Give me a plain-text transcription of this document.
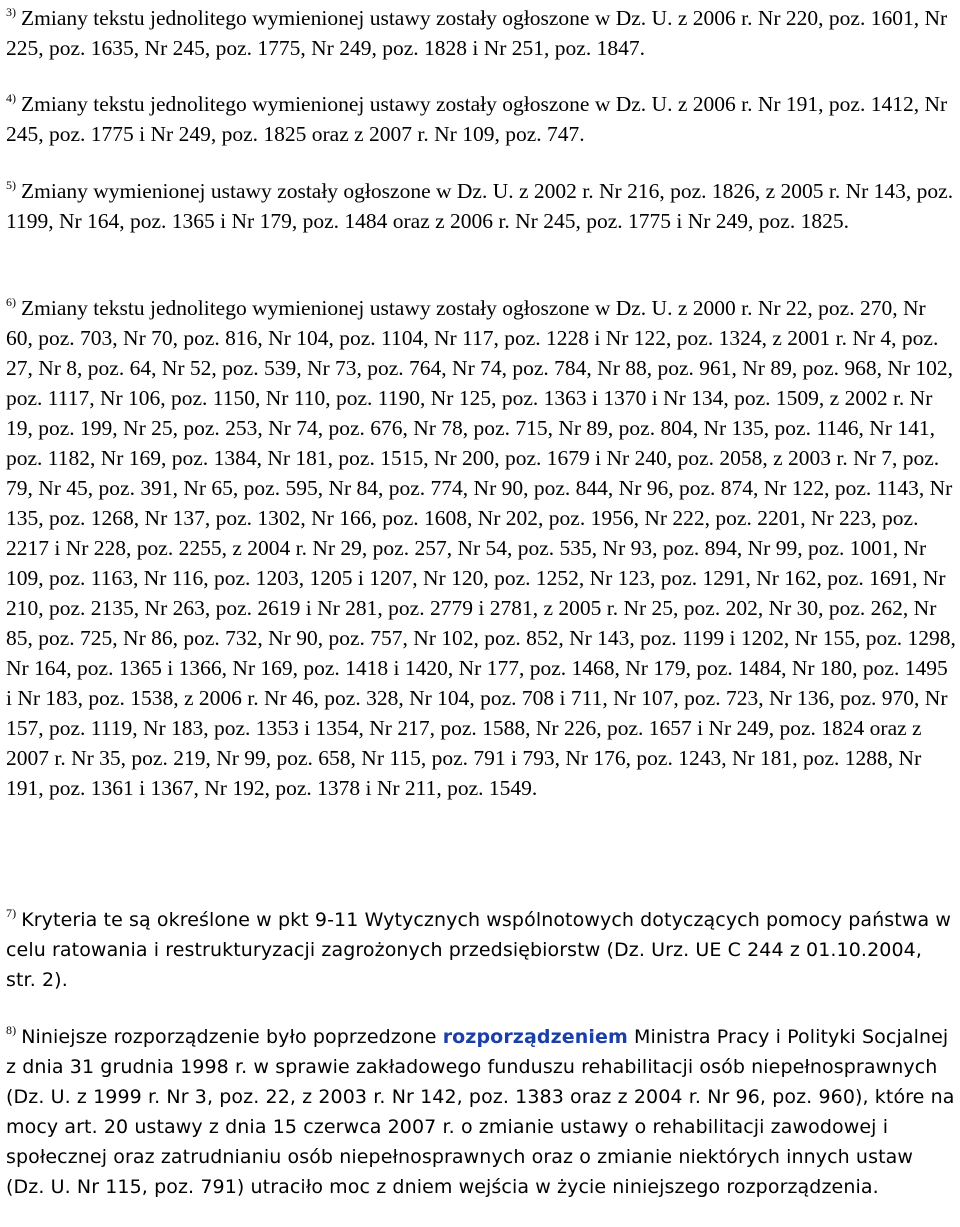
$^{3)}$ Zmiany tekstu jednolitego wymienionej ustawy zostały ogłoszone w Dz. U. z 2006 r. Nr 220, poz. 1601, Nr 225, poz. 1635, Nr 245, poz. 1775, Nr 249, poz. 1828 i Nr 251, poz. 1847.

$^{4)}$ Zmiany tekstu jednolitego wymienionej ustawy zostały ogłoszone w Dz. U. z 2006 r. Nr 191, poz. 1412, Nr 245, poz. 1775 i Nr 249, poz. 1825 oraz z 2007 r. Nr 109, poz. 747.

$^{5)}$ Zmiany wymienionej ustawy zostały ogłoszone w Dz. U. z 2002 r. Nr 216, poz. 1826, z 2005 r. Nr 143, poz. 1199, Nr 164, poz. 1365 i Nr 179, poz. 1484 oraz z 2006 r. Nr 245, poz. 1775 i Nr 249, poz. 1825.

$^{6)}$ Zmiany tekstu jednolitego wymienionej ustawy zostały ogłoszone w Dz. U. z 2000 r. Nr 22, poz. 270, Nr 60, poz. 703, Nr 70, poz. 816, Nr 104, poz. 1104, Nr 117, poz. 1228 i Nr 122, poz. 1324, z 2001 r. Nr 4, poz. 27, Nr 8, poz. 64, Nr 52, poz. 539, Nr 73, poz. 764, Nr 74, poz. 784, Nr 88, poz. 961, Nr 89, poz. 968, Nr 102, poz. 1117, Nr 106, poz. 1150, Nr 110, poz. 1190, Nr 125, poz. 1363 i 1370 i Nr 134, poz. 1509, z 2002 r. Nr 19, poz. 199, Nr 25, poz. 253, Nr 74, poz. 676, Nr 78, poz. 715, Nr 89, poz. 804, Nr 135, poz. 1146, Nr 141, poz. 1182, Nr 169, poz. 1384, Nr 181, poz. 1515, Nr 200, poz. 1679 i Nr 240, poz. 2058, z 2003 r. Nr 7, poz. 79, Nr 45, poz. 391, Nr 65, poz. 595, Nr 84, poz. 774, Nr 90, poz. 844, Nr 96, poz. 874, Nr 122, poz. 1143, Nr 135, poz. 1268, Nr 137, poz. 1302, Nr 166, poz. 1608, Nr 202, poz. 1956, Nr 222, poz. 2201, Nr 223, poz. 2217 i Nr 228, poz. 2255, z 2004 r. Nr 29, poz. 257, Nr 54, poz. 535, Nr 93, poz. 894, Nr 99, poz. 1001, Nr 109, poz. 1163, Nr 116, poz. 1203, 1205 i 1207, Nr 120, poz. 1252, Nr 123, poz. 1291, Nr 162, poz. 1691, Nr 210, poz. 2135, Nr 263, poz. 2619 i Nr 281, poz. 2779 i 2781, z 2005 r. Nr 25, poz. 202, Nr 30, poz. 262, Nr 85, poz. 725, Nr 86, poz. 732, Nr 90, poz. 757, Nr 102, poz. 852, Nr 143, poz. 1199 i 1202, Nr 155, poz. 1298, Nr 164, poz. 1365 i 1366, Nr 169, poz. 1418 i 1420, Nr 177, poz. 1468, Nr 179, poz. 1484, Nr 180, poz. 1495 i Nr 183, poz. 1538, z 2006 r. Nr 46, poz. 328, Nr 104, poz. 708 i 711, Nr 107, poz. 723, Nr 136, poz. 970, Nr 157, poz. 1119, Nr 183, poz. 1353 i 1354, Nr 217, poz. 1588, Nr 226, poz. 1657 i Nr 249, poz. 1824 oraz z 2007 r. Nr 35, poz. 219, Nr 99, poz. 658, Nr 115, poz. 791 i 793, Nr 176, poz. 1243, Nr 181, poz. 1288, Nr 191, poz. 1361 i 1367, Nr 192, poz. 1378 i Nr 211, poz. 1549.

$^{7)}$ Kryteria te są określone w pkt 9-11 Wytycznych wspólnotowych dotyczących pomocy państwa w celu ratowania i restrukturyzacji zagrożonych przedsiębiorstw (Dz. Urz. UE C 244 z 01.10.2004, str. 2).

$^{8)}$ Niniejsze rozporządzenie było poprzedzone rozporządzeniem Ministra Pracy i Polityki Socjalnej z dnia 31 grudnia 1998 r. w sprawie zakładowego funduszu rehabilitacji osób niepełnosprawnych (Dz. U. z 1999 r. Nr 3, poz. 22, z 2003 r. Nr 142, poz. 1383 oraz z 2004 r. Nr 96, poz. 960), które na mocy art. 20 ustawy z dnia 15 czerwca 2007 r. o zmianie ustawy o rehabilitacji zawodowej i społecznej oraz zatrudnianiu osób niepełnosprawnych oraz o zmianie niektórych innych ustaw (Dz. U. Nr 115, poz. 791) utraciło moc z dniem wejścia w życie niniejszego rozporządzenia.
